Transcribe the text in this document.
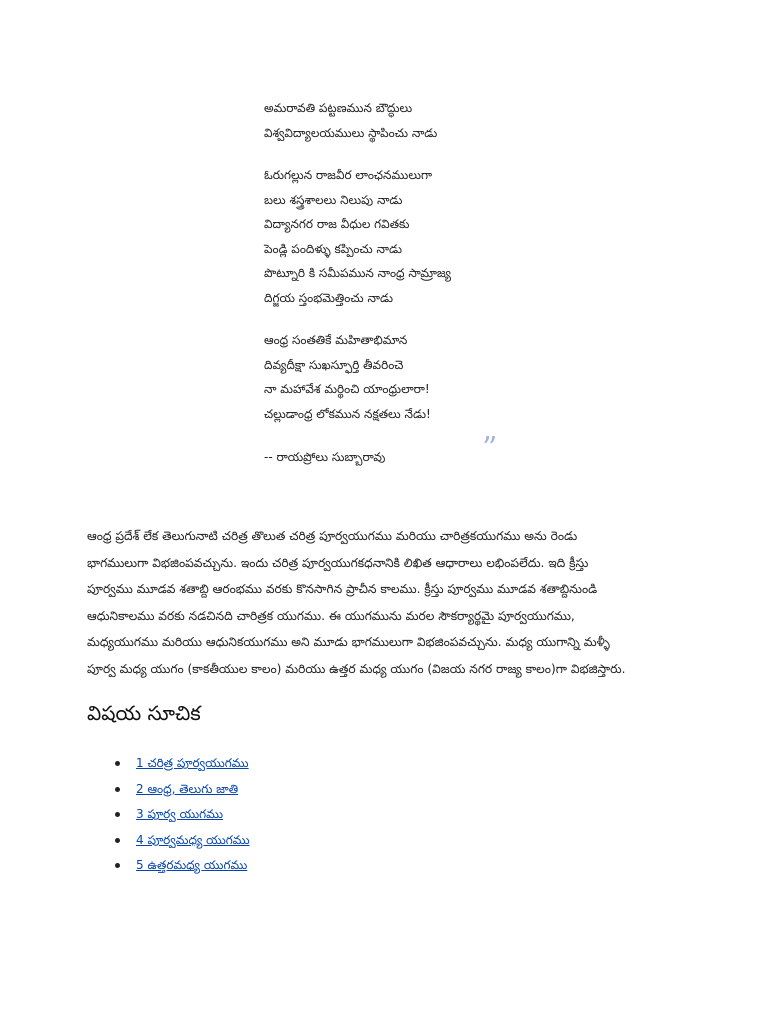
అమరావతి పట్టణమున బౌద్ధులు
విశ్వవిద్యాలయములు స్థాపించు నాడు
ఓరుగల్లున రాజవీర లాంఛనములుగా
బలు శస్త్రశాలలు నిలుపు నాడు
విద్యానగర రాజ వీధుల గవితకు
పెండ్లి పందిళ్ళు కప్పించు నాడు
పొట్నూరి కి సమీపమున నాంధ్ర సామ్రాజ్య
దిగ్జయ స్తంభమెత్తించు నాడు
ఆంధ్ర సంతతికే మహితాభిమాన
దివ్యదీక్షా సుఖస్ఫూర్తి తీవరించె
నా మహావేశ మర్థించి యాంధ్రులారా!
చల్లుడాంధ్ర లోకమున నక్షతలు నేడు!
-- రాయప్రోలు సుబ్బారావు	”

ఆంధ్ర ప్రదేశ్ లేక తెలుగునాటి చరిత్ర తొలుత చరిత్ర పూర్వయుగము మరియు చారిత్రకయుగము అను రెండు
భాగములుగా విభజింపవచ్చును. ఇందు చరిత్ర పూర్వయుగకధనానికి లిఖిత ఆధారాలు లభింపలేదు. ఇది క్రీస్తు
పూర్వము మూడవ శతాబ్ది ఆరంభము వరకు కొనసాగిన ప్రాచీన కాలము. క్రీస్తు పూర్వము మూడవ శతాబ్దినుండి
ఆధునికాలము వరకు నడచినది చారిత్రక యుగము. ఈ యుగమును మరల సౌకర్యార్థమై పూర్వయుగము,
మధ్యయుగము మరియు ఆధునికయుగము అని మూడు భాగములుగా విభజింపవచ్చును. మధ్య యుగాన్ని మళ్ళీ
పూర్వ మధ్య యుగం (కాకతీయుల కాలం) మరియు ఉత్తర మధ్య యుగం (విజయ నగర రాజ్య కాలం)గా విభజిస్తారు.

విషయ సూచిక
1 చరిత్ర పూర్వయుగము
2 ఆంధ్ర, తెలుగు జాతి
3 పూర్వ యుగము
4 పూర్వమధ్య యుగము
5 ఉత్తరమధ్య యుగము
